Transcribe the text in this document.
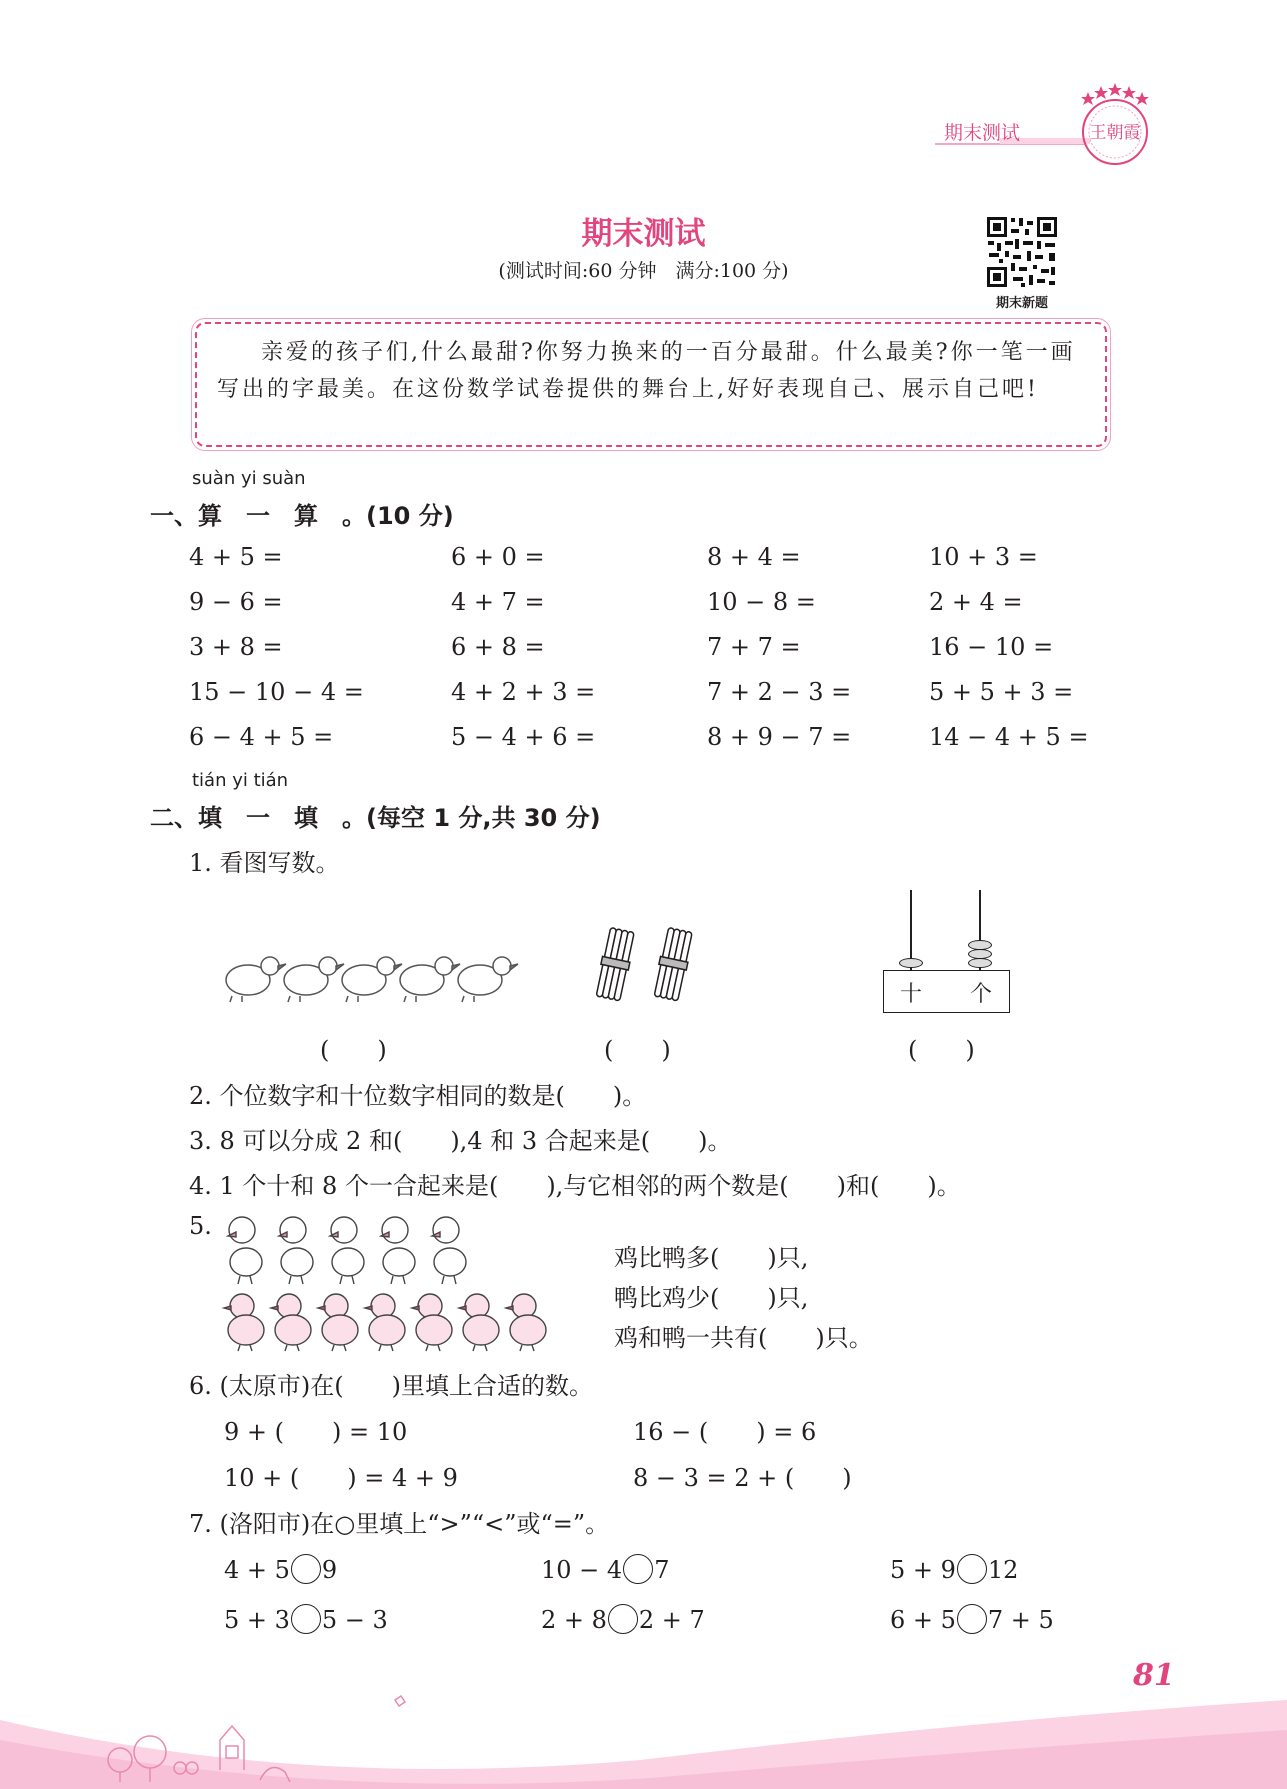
期末测试	王朝霞
期末测试
(测试时间:60 分钟　满分:100 分)
期末新题
亲爱的孩子们,什么最甜?你努力换来的一百分最甜。什么最美?你一笔一画写出的字最美。在这份数学试卷提供的舞台上,好好表现自己、展示自己吧!
suàn yi suàn
一、算　一　算　。(10 分)
4 + 5 =	6 + 0 =	8 + 4 =	10 + 3 =
9 − 6 =	4 + 7 =	10 − 8 =	2 + 4 =
3 + 8 =	6 + 8 =	7 + 7 =	16 − 10 =
15 − 10 − 4 =	4 + 2 + 3 =	7 + 2 − 3 =	5 + 5 + 3 =
6 − 4 + 5 =	5 − 4 + 6 =	8 + 9 − 7 =	14 − 4 + 5 =
tián yi tián
二、填　一　填　。(每空 1 分,共 30 分)
1. 看图写数。
十 个
(　　)	(　　)	(　　)
2. 个位数字和十位数字相同的数是(　　)。
3. 8 可以分成 2 和(　　),4 和 3 合起来是(　　)。
4. 1 个十和 8 个一合起来是(　　),与它相邻的两个数是(　　)和(　　)。
5.
鸡比鸭多(　　)只,
鸭比鸡少(　　)只,
鸡和鸭一共有(　　)只。
6. (太原市)在(　　)里填上合适的数。
9 + (　　) = 10	16 − (　　) = 6
10 + (　　) = 4 + 9	8 − 3 = 2 + (　　)
7. (洛阳市)在○里填上“>”“<”或“=”。
4 + 5 9	10 − 4 7	5 + 9 12
5 + 3 5 − 3	2 + 8 2 + 7	6 + 5 7 + 5
81
